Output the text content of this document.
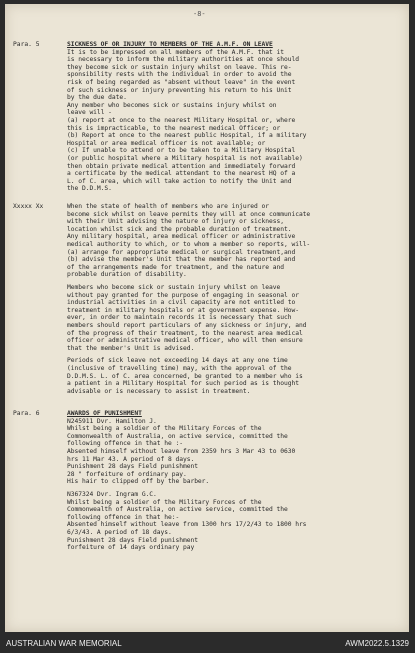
-8-
Para. 5
Xxxxx Xx
Para. 6
SICKNESS OF OR INJURY TO MEMBERS OF THE A.M.F. ON LEAVE
It is to be impressed on all members of the A.M.F. that it
is necessary to inform the military authorities at once should
they become sick or sustain injury whilst on leave. This re-
sponsibility rests with the individual in order to avoid the
risk of being regarded as "absent without leave" in the event
of such sickness or injury preventing his return to his Unit
by the due date.
Any member who becomes sick or sustains injury whilst on
leave will -
(a) report at once to the nearest Military Hospital or, where
this is impracticable, to the nearest medical Officer; or
(b) Report at once to the nearest public Hospital, if a military
Hospital or area medical officer is not available; or
(c) If unable to attend or to be taken to a Military Hospital
(or public hospital where a Military hospital is not available)
then obtain private medical attention and immediately forward
a certificate by the medical attendant to the nearest HQ of a
L. of C. area, which will take action to notify the Unit and
the D.D.M.S.
When the state of health of members who are injured or
become sick whilst on leave permits they will at once communicate
with their Unit advising the nature of injury or sickness,
location whilst sick and the probable duration of treatment.
Any military hospital, area medical officer or administrative
medical authority to which, or to whom a member so reports, will-
(a) arrange for appropriate medical or surgical treatment,and
(b) advise the member's Unit that the member has reported and
of the arrangements made for treatment, and the nature and
probable duration of disability.
Members who become sick or sustain injury whilst on leave
without pay granted for the purpose of engaging in seasonal or
industrial activities in a civil capacity are not entitled to
treatment in military hospitals or at government expense. How-
ever, in order to maintain records it is necessary that such
members should report particulars of any sickness or injury, and
of the progress of their treatment, to the nearest area medical
officer or administrative medical officer, who will then ensure
that the member's Unit is advised.
Periods of sick leave not exceeding 14 days at any one time
(inclusive of travelling time) may, with the approval of the
D.D.M.S. L. of C. area concerned, be granted to a member who is
a patient in a Military Hospital for such period as is thought
advisable or is necessary to assist in treatment.
AWARDS OF PUNISHMENT
N245911 Dvr. Hamilton J.
Whilst being a soldier of the Military Forces of the
Commonwealth of Australia, on active service, committed the
following offence in that he :-
Absented himself without leave from 2359 hrs 3 Mar 43 to 0630
hrs 11 Mar 43. A period of 8 days.
Punishment 28 days Field punishment
28 " forfeiture of ordinary pay.
His hair to clipped off by the barber.
N367324 Dvr. Ingram G.C.
Whilst being a soldier of the Military Forces of the
Commonwealth of Australia, on active service, committed the
following offence in that he:-
Absented himself without leave from 1300 hrs 17/2/43 to 1800 hrs
6/3/43. A period of 18 days.
Punishment 28 days Field punishment
forfeiture of 14 days ordinary pay
AUSTRALIAN WAR MEMORIAL	AWM2022.5.1329
